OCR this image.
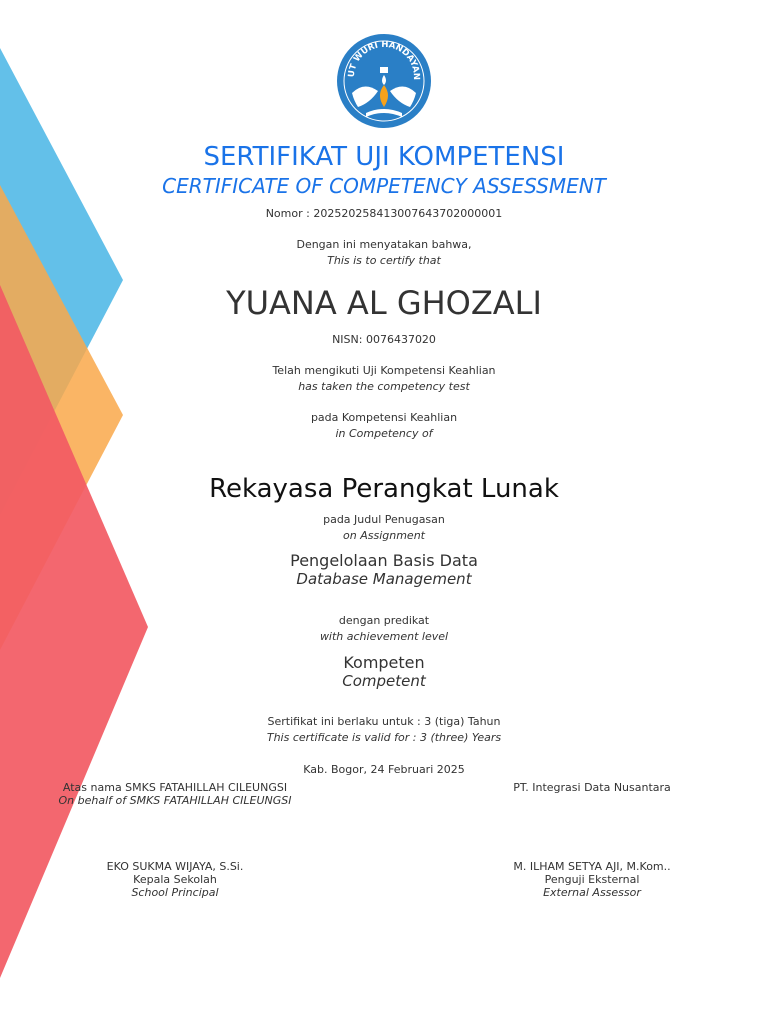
UT WURI HANDAYAN
SERTIFIKAT UJI KOMPETENSI
CERTIFICATE OF COMPETENCY ASSESSMENT
Nomor : 202520258413007643702000001
Dengan ini menyatakan bahwa,
This is to certify that
YUANA AL GHOZALI
NISN: 0076437020
Telah mengikuti Uji Kompetensi Keahlian
has taken the competency test
pada Kompetensi Keahlian
in Competency of
Rekayasa Perangkat Lunak
pada Judul Penugasan
on Assignment
Pengelolaan Basis Data
Database Management
dengan predikat
with achievement level
Kompeten
Competent
Sertifikat ini berlaku untuk : 3 (tiga) Tahun
This certificate is valid for : 3 (three) Years
Kab. Bogor, 24 Februari 2025
Atas nama SMKS FATAHILLAH CILEUNGSI
On behalf of SMKS FATAHILLAH CILEUNGSI
EKO SUKMA WIJAYA, S.Si.
Kepala Sekolah
School Principal
PT. Integrasi Data Nusantara
M. ILHAM SETYA AJI, M.Kom..
Penguji Eksternal
External Assessor
